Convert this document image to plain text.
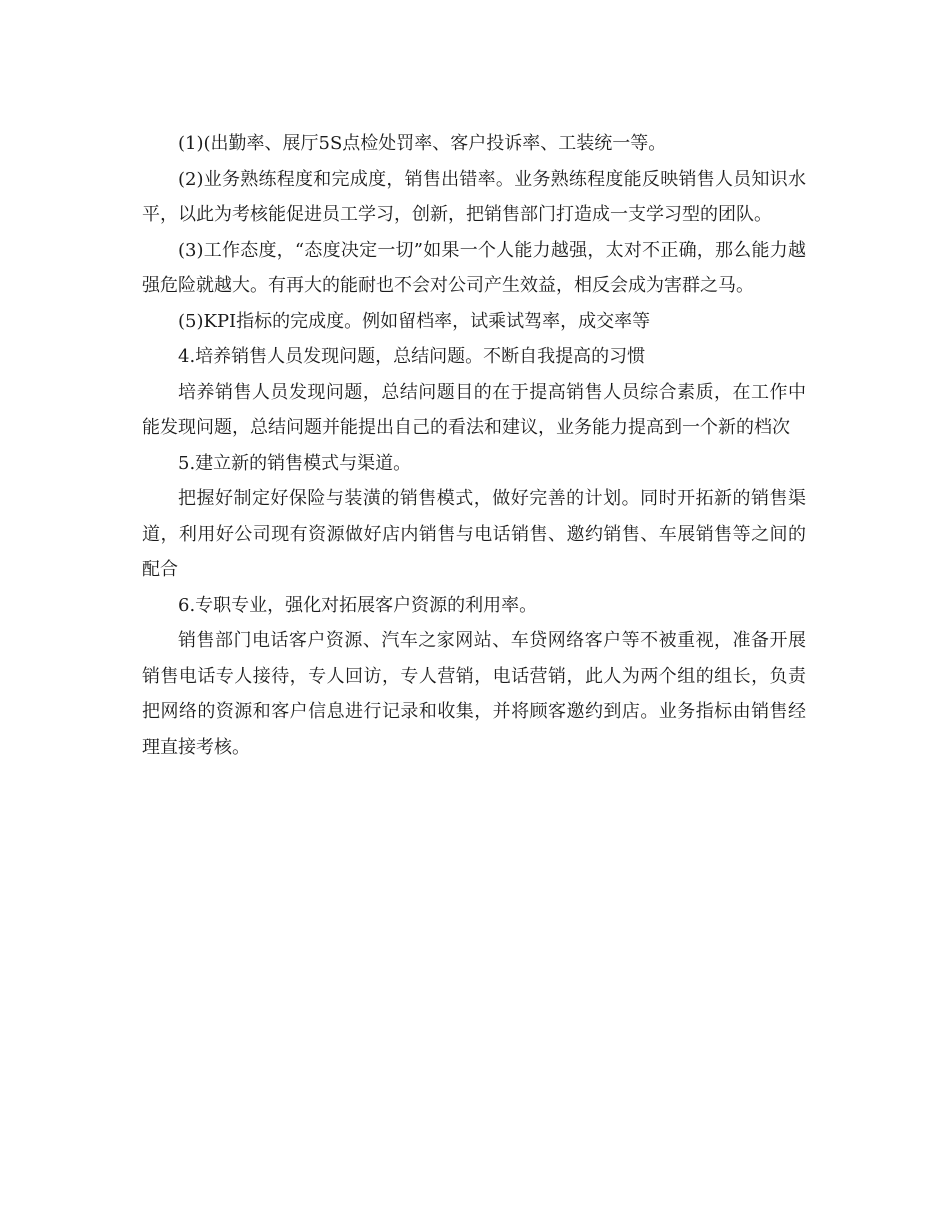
(1)(出勤率、展厅5S点检处罚率、客户投诉率、工装统一等。

(2)业务熟练程度和完成度，销售出错率。业务熟练程度能反映销售人员知识水平，以此为考核能促进员工学习，创新，把销售部门打造成一支学习型的团队。

(3)工作态度，“态度决定一切”如果一个人能力越强，太对不正确，那么能力越强危险就越大。有再大的能耐也不会对公司产生效益，相反会成为害群之马。

(5)KPI指标的完成度。例如留档率，试乘试驾率，成交率等

4.培养销售人员发现问题，总结问题。不断自我提高的习惯

培养销售人员发现问题，总结问题目的在于提高销售人员综合素质，在工作中能发现问题，总结问题并能提出自己的看法和建议，业务能力提高到一个新的档次

5.建立新的销售模式与渠道。

把握好制定好保险与装潢的销售模式，做好完善的计划。同时开拓新的销售渠道，利用好公司现有资源做好店内销售与电话销售、邀约销售、车展销售等之间的配合

6.专职专业，强化对拓展客户资源的利用率。

销售部门电话客户资源、汽车之家网站、车贷网络客户等不被重视，准备开展销售电话专人接待，专人回访，专人营销，电话营销，此人为两个组的组长，负责把网络的资源和客户信息进行记录和收集，并将顾客邀约到店。业务指标由销售经理直接考核。
